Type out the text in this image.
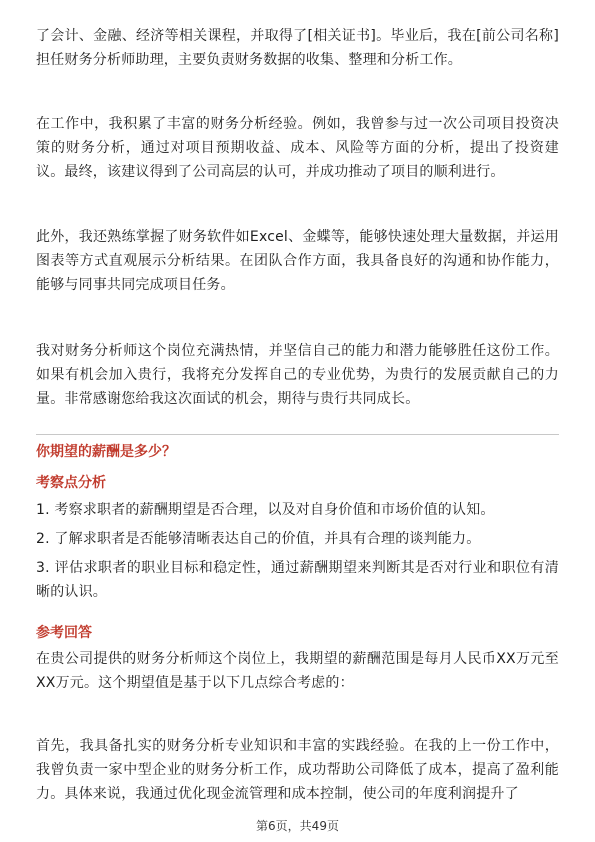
了会计、金融、经济等相关课程，并取得了[相关证书]。毕业后，我在[前公司名称]担任财务分析师助理，主要负责财务数据的收集、整理和分析工作。

在工作中，我积累了丰富的财务分析经验。例如，我曾参与过一次公司项目投资决策的财务分析，通过对项目预期收益、成本、风险等方面的分析，提出了投资建议。最终，该建议得到了公司高层的认可，并成功推动了项目的顺利进行。

此外，我还熟练掌握了财务软件如Excel、金蝶等，能够快速处理大量数据，并运用图表等方式直观展示分析结果。在团队合作方面，我具备良好的沟通和协作能力，能够与同事共同完成项目任务。

我对财务分析师这个岗位充满热情，并坚信自己的能力和潜力能够胜任这份工作。如果有机会加入贵行，我将充分发挥自己的专业优势，为贵行的发展贡献自己的力量。非常感谢您给我这次面试的机会，期待与贵行共同成长。

你期望的薪酬是多少？

考察点分析

1. 考察求职者的薪酬期望是否合理，以及对自身价值和市场价值的认知。

2. 了解求职者是否能够清晰表达自己的价值，并具有合理的谈判能力。

3. 评估求职者的职业目标和稳定性，通过薪酬期望来判断其是否对行业和职位有清晰的认识。

参考回答

在贵公司提供的财务分析师这个岗位上，我期望的薪酬范围是每月人民币XX万元至XX万元。这个期望值是基于以下几点综合考虑的：

首先，我具备扎实的财务分析专业知识和丰富的实践经验。在我的上一份工作中，我曾负责一家中型企业的财务分析工作，成功帮助公司降低了成本，提高了盈利能力。具体来说，我通过优化现金流管理和成本控制，使公司的年度利润提升了

第6页，共49页
